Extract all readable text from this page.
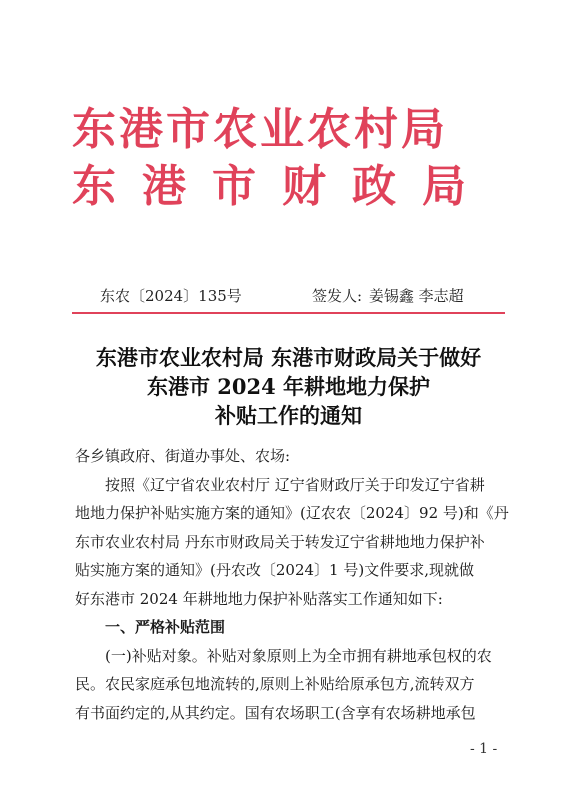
东港市农业农村局
东港市财政局
东农〔2024〕135号	签发人: 姜锡鑫 李志超
东港市农业农村局 东港市财政局关于做好
东港市 2024 年耕地地力保护
补贴工作的通知

各乡镇政府、街道办事处、农场:

按照《辽宁省农业农村厅 辽宁省财政厅关于印发辽宁省耕

地地力保护补贴实施方案的通知》(辽农农〔2024〕92 号)和《丹

东市农业农村局 丹东市财政局关于转发辽宁省耕地地力保护补

贴实施方案的通知》(丹农改〔2024〕1 号)文件要求,现就做

好东港市 2024 年耕地地力保护补贴落实工作通知如下:

一、严格补贴范围

(一)补贴对象。补贴对象原则上为全市拥有耕地承包权的农

民。农民家庭承包地流转的,原则上补贴给原承包方,流转双方

有书面约定的,从其约定。国有农场职工(含享有农场耕地承包

- 1 -
